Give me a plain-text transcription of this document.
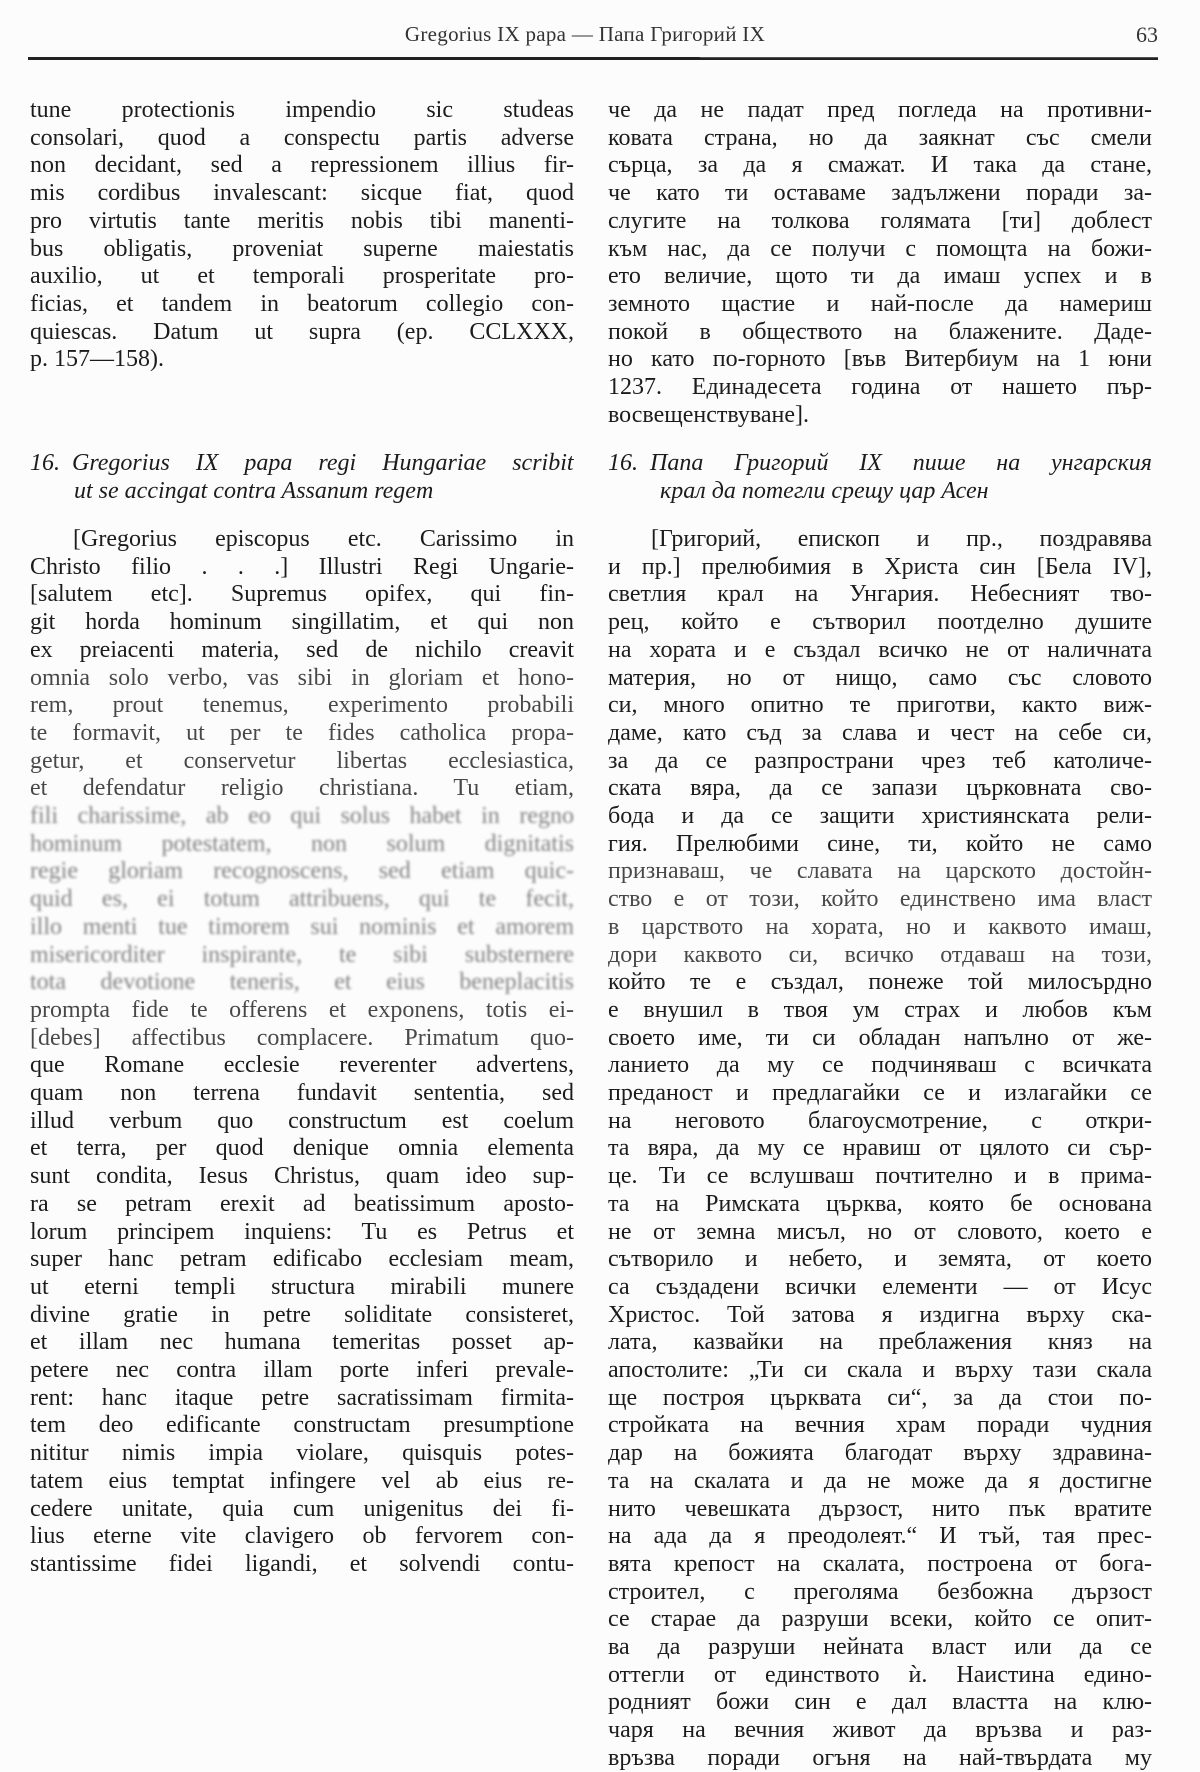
Gregorius IX papa — Папа Григорий IX	63
16. Gregorius IX papa regi Hungariae scribit
ut se accingat contra Assanum regem
tune protectionis impendio sic studeas
consolari, quod a conspectu partis adverse
non decidant, sed a repressionem illius fir-
mis cordibus invalescant: sicque fiat, quod
pro virtutis tante meritis nobis tibi manenti-
bus obligatis, proveniat superne maiestatis
auxilio, ut et temporali prosperitate pro-
ficias, et tandem in beatorum collegio con-
quiescas. Datum ut supra (ep. CCLXXX,
p. 157—158).
[Gregorius episcopus etc. Carissimo in
Christo filio . . .] Illustri Regi Ungarie-
[salutem etc]. Supremus opifex, qui fin-
git horda hominum singillatim, et qui non
ex preiacenti materia, sed de nichilo creavit
omnia solo verbo, vas sibi in gloriam et hono-
rem, prout tenemus, experimento probabili
te formavit, ut per te fides catholica propa-
getur, et conservetur libertas ecclesiastica,
et defendatur religio christiana. Tu etiam,
fili charissime, ab eo qui solus habet in regno
hominum potestatem, non solum dignitatis
regie gloriam recognoscens, sed etiam quic-
quid es, ei totum attribuens, qui te fecit,
illo menti tue timorem sui nominis et amorem
misericorditer inspirante, te sibi substernere
tota devotione teneris, et eius beneplacitis
prompta fide te offerens et exponens, totis ei-
[debes] affectibus complacere. Primatum quo-
que Romane ecclesie reverenter advertens,
quam non terrena fundavit sententia, sed
illud verbum quo constructum est coelum
et terra, per quod denique omnia elementa
sunt condita, Iesus Christus, quam ideo sup-
ra se petram erexit ad beatissimum aposto-
lorum principem inquiens: Tu es Petrus et
super hanc petram edificabo ecclesiam meam,
ut eterni templi structura mirabili munere
divine gratie in petre soliditate consisteret,
et illam nec humana temeritas posset ap-
petere nec contra illam porte inferi prevale-
rent: hanc itaque petre sacratissimam firmita-
tem deo edificante constructam presumptione
nititur nimis impia violare, quisquis potes-
tatem eius temptat infingere vel ab eius re-
cedere unitate, quia cum unigenitus dei fi-
lius eterne vite clavigero ob fervorem con-
stantissime fidei ligandi, et solvendi contu-
16. Папа Григорий IX пише на унгарския
крал да потегли срещу цар Асен
че да не падат пред погледа на противни-
ковата страна, но да заякнат със смели
сърца, за да я смажат. И така да стане,
че като ти оставаме задължени поради за-
слугите на толкова голямата [ти] доблест
към нас, да се получи с помощта на божи-
ето величие, щото ти да имаш успех и в
земното щастие и най-после да намериш
покой в обществото на блажените. Даде-
но като по-горното [във Витербиум на 1 юни
1237. Единадесета година от нашето пър-
восвещенствуване].
[Григорий, епископ и пр., поздравява
и пр.] прелюбимия в Христа син [Бела IV],
светлия крал на Унгария. Небесният тво-
рец, който е сътворил поотделно душите
на хората и е създал всичко не от наличната
материя, но от нищо, само със словото
си, много опитно те приготви, както виж-
даме, като съд за слава и чест на себе си,
за да се разпространи чрез теб католиче-
ската вяра, да се запази църковната сво-
бода и да се защити християнската рели-
гия. Прелюбими сине, ти, който не само
признаваш, че славата на царското достойн-
ство е от този, който единствено има власт
в царството на хората, но и каквото имаш,
дори каквото си, всичко отдаваш на този,
който те е създал, понеже той милосърдно
е внушил в твоя ум страх и любов към
своето име, ти си обладан напълно от же-
ланието да му се подчиняваш с всичката
преданост и предлагайки се и излагайки се
на неговото благоусмотрение, с откри-
та вяра, да му се нравиш от цялото си сър-
це. Ти се вслушваш почтително и в прима-
та на Римската църква, която бе основана
не от земна мисъл, но от словото, което е
сътворило и небето, и земята, от което
са създадени всички елементи — от Исус
Христос. Той затова я издигна върху ска-
лата, казвайки на преблажения княз на
апостолите: „Ти си скала и върху тази скала
ще построя църквата си“, за да стои по-
стройката на вечния храм поради чудния
дар на божията благодат върху здравина-
та на скалата и да не може да я достигне
нито чевешката дързост, нито пък вратите
на ада да я преодолеят.“ И тъй, тая прес-
вята крепост на скалата, построена от бога-
строител, с преголяма безбожна дързост
се старае да разруши всеки, който се опит-
ва да разруши нейната власт или да се
оттегли от единството ѝ. Наистина едино-
родният божи син е дал властта на клю-
чаря на вечния живот да връзва и раз-
връзва поради огъня на най-твърдата му
